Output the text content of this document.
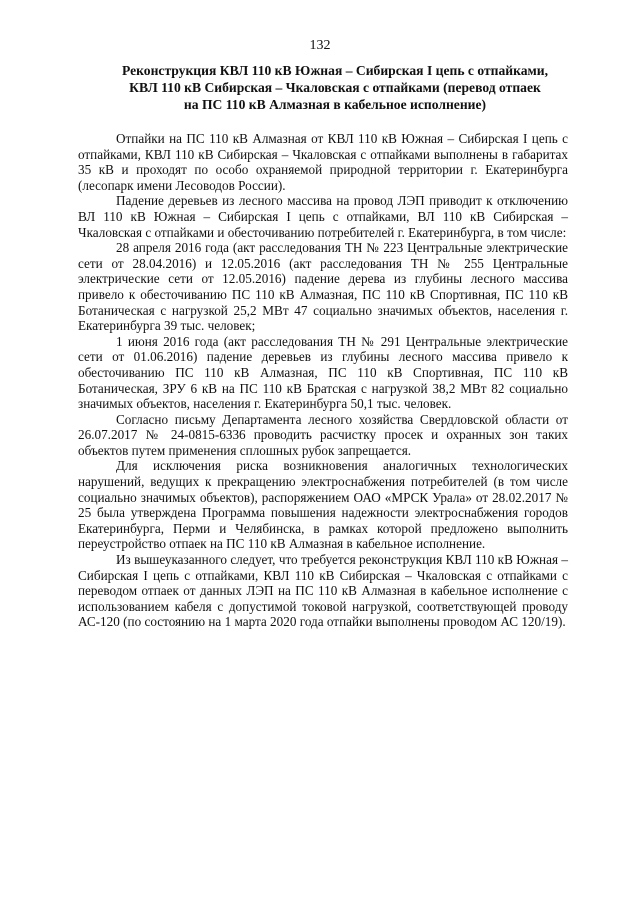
132
Реконструкция КВЛ 110 кВ Южная – Сибирская I цепь с отпайками,
КВЛ 110 кВ Сибирская – Чкаловская с отпайками (перевод отпаек
на ПС 110 кВ Алмазная в кабельное исполнение)

Отпайки на ПС 110 кВ Алмазная от КВЛ 110 кВ Южная – Сибирская I цепь с отпайками, КВЛ 110 кВ Сибирская – Чкаловская с отпайками выполнены в габаритах 35 кВ и проходят по особо охраняемой природной территории г. Екатеринбурга (лесопарк имени Лесоводов России).

Падение деревьев из лесного массива на провод ЛЭП приводит к отключению ВЛ 110 кВ Южная – Сибирская I цепь с отпайками, ВЛ 110 кВ Сибирская – Чкаловская с отпайками и обесточиванию потребителей г. Екатеринбурга, в том числе:

28 апреля 2016 года (акт расследования ТН № 223 Центральные электрические сети от 28.04.2016) и 12.05.2016 (акт расследования ТН № 255 Центральные электрические сети от 12.05.2016) падение дерева из глубины лесного массива привело к обесточиванию ПС 110 кВ Алмазная, ПС 110 кВ Спортивная, ПС 110 кВ Ботаническая с нагрузкой 25,2 МВт 47 социально значимых объектов, населения г. Екатеринбурга 39 тыс. человек;

1 июня 2016 года (акт расследования ТН № 291 Центральные электрические сети от 01.06.2016) падение деревьев из глубины лесного массива привело к обесточиванию ПС 110 кВ Алмазная, ПС 110 кВ Спортивная, ПС 110 кВ Ботаническая, ЗРУ 6 кВ на ПС 110 кВ Братская с нагрузкой 38,2 МВт 82 социально значимых объектов, населения г. Екатеринбурга 50,1 тыс. человек.

Согласно письму Департамента лесного хозяйства Свердловской области от 26.07.2017 № 24-0815-6336 проводить расчистку просек и охранных зон таких объектов путем применения сплошных рубок запрещается.

Для исключения риска возникновения аналогичных технологических нарушений, ведущих к прекращению электроснабжения потребителей (в том числе социально значимых объектов), распоряжением ОАО «МРСК Урала» от 28.02.2017 № 25 была утверждена Программа повышения надежности электроснабжения городов Екатеринбурга, Перми и Челябинска, в рамках которой предложено выполнить переустройство отпаек на ПС 110 кВ Алмазная в кабельное исполнение.

Из вышеуказанного следует, что требуется реконструкция КВЛ 110 кВ Южная – Сибирская I цепь с отпайками, КВЛ 110 кВ Сибирская – Чкаловская с отпайками с переводом отпаек от данных ЛЭП на ПС 110 кВ Алмазная в кабельное исполнение с использованием кабеля с допустимой токовой нагрузкой, соответствующей проводу АС-120 (по состоянию на 1 марта 2020 года отпайки выполнены проводом АС 120/19).
